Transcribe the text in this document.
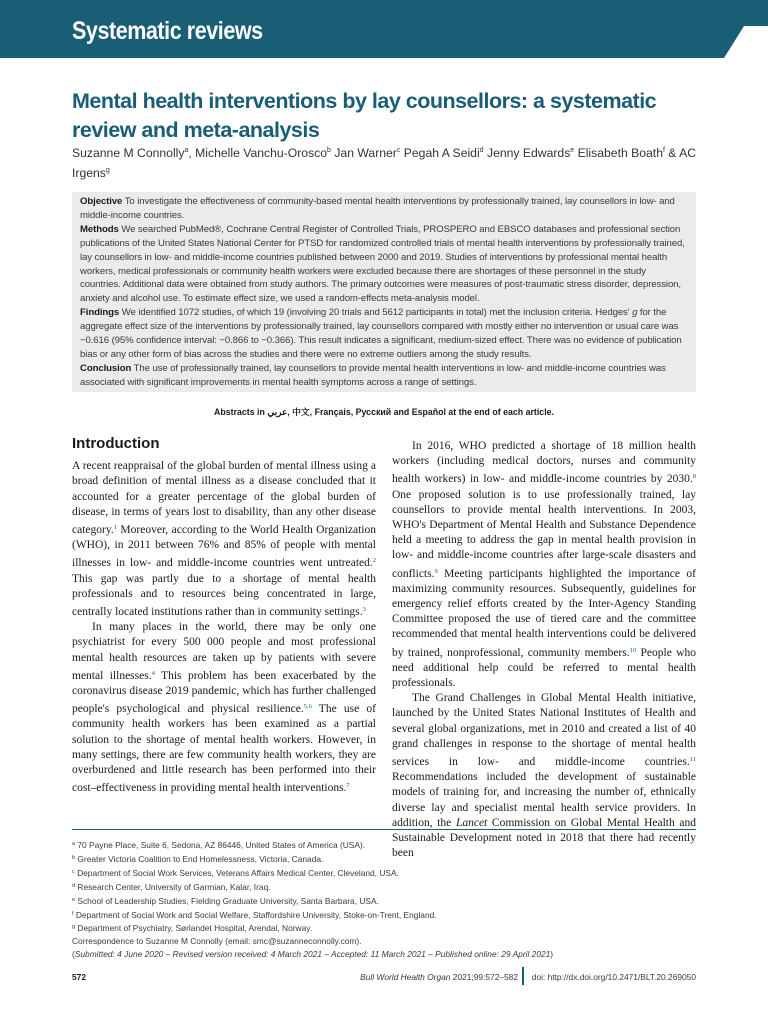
Systematic reviews
Mental health interventions by lay counsellors: a systematic review and meta-analysis
Suzanne M Connolly$^a$, Michelle Vanchu-Orosco$^b$ Jan Warner$^c$ Pegah A Seidi$^d$ Jenny Edwards$^e$ Elisabeth Boath$^f$ & AC Irgens$^g$

Objective To investigate the effectiveness of community-based mental health interventions by professionally trained, lay counsellors in low- and middle-income countries.

Methods We searched PubMed®, Cochrane Central Register of Controlled Trials, PROSPERO and EBSCO databases and professional section publications of the United States National Center for PTSD for randomized controlled trials of mental health interventions by professionally trained, lay counsellors in low- and middle-income countries published between 2000 and 2019. Studies of interventions by professional mental health workers, medical professionals or community health workers were excluded because there are shortages of these personnel in the study countries. Additional data were obtained from study authors. The primary outcomes were measures of post-traumatic stress disorder, depression, anxiety and alcohol use. To estimate effect size, we used a random-effects meta-analysis model.

Findings We identified 1072 studies, of which 19 (involving 20 trials and 5612 participants in total) met the inclusion criteria. Hedges' g for the aggregate effect size of the interventions by professionally trained, lay counsellors compared with mostly either no intervention or usual care was −0.616 (95% confidence interval: −0.866 to −0.366). This result indicates a significant, medium-sized effect. There was no evidence of publication bias or any other form of bias across the studies and there were no extreme outliers among the study results.

Conclusion The use of professionally trained, lay counsellors to provide mental health interventions in low- and middle-income countries was associated with significant improvements in mental health symptoms across a range of settings.

Abstracts in عربي, 中文, Français, Русский and Español at the end of each article.
Introduction

A recent reappraisal of the global burden of mental illness using a broad definition of mental illness as a disease concluded that it accounted for a greater percentage of the global burden of disease, in terms of years lost to disability, than any other disease category.$^1$ Moreover, according to the World Health Organization (WHO), in 2011 between 76% and 85% of people with mental illnesses in low- and middle-income countries went untreated.$^2$ This gap was partly due to a shortage of mental health professionals and to resources being concentrated in large, centrally located institutions rather than in community settings.$^3$

In many places in the world, there may be only one psychiatrist for every 500 000 people and most professional mental health resources are taken up by patients with severe mental illnesses.$^4$ This problem has been exacerbated by the coronavirus disease 2019 pandemic, which has further challenged people's psychological and physical resilience.$^{5,6}$ The use of community health workers has been examined as a partial solution to the shortage of mental health workers. However, in many settings, there are few community health workers, they are overburdened and little research has been performed into their cost–effectiveness in providing mental health interventions.$^7$

In 2016, WHO predicted a shortage of 18 million health workers (including medical doctors, nurses and community health workers) in low- and middle-income countries by 2030.$^8$ One proposed solution is to use professionally trained, lay counsellors to provide mental health interventions. In 2003, WHO's Department of Mental Health and Substance Dependence held a meeting to address the gap in mental health provision in low- and middle-income countries after large-scale disasters and conflicts.$^9$ Meeting participants highlighted the importance of maximizing community resources. Subsequently, guidelines for emergency relief efforts created by the Inter-Agency Standing Committee proposed the use of tiered care and the committee recommended that mental health interventions could be delivered by trained, nonprofessional, community members.$^{10}$ People who need additional help could be referred to mental health professionals.

The Grand Challenges in Global Mental Health initiative, launched by the United States National Institutes of Health and several global organizations, met in 2010 and created a list of 40 grand challenges in response to the shortage of mental health services in low- and middle-income countries.$^{11}$ Recommendations included the development of sustainable models of training for, and increasing the number of, ethnically diverse lay and specialist mental health service providers. In addition, the Lancet Commission on Global Mental Health and Sustainable Development noted in 2018 that there had recently been

$^a$ 70 Payne Place, Suite 6, Sedona, AZ 86446, United States of America (USA).
$^b$ Greater Victoria Coalition to End Homelessness, Victoria, Canada.
$^c$ Department of Social Work Services, Veterans Affairs Medical Center, Cleveland, USA.
$^d$ Research Center, University of Garmian, Kalar, Iraq.
$^e$ School of Leadership Studies, Fielding Graduate University, Santa Barbara, USA.
$^f$ Department of Social Work and Social Welfare, Staffordshire University, Stoke-on-Trent, England.
$^g$ Department of Psychiatry, Sørlandet Hospital, Arendal, Norway.
Correspondence to Suzanne M Connolly (email: smc@suzanneconnolly.com).
(Submitted: 4 June 2020 – Revised version received: 4 March 2021 – Accepted: 11 March 2021 – Published online: 29 April 2021)
572	Bull World Health Organ 2021;99:572–582 doi: http://dx.doi.org/10.2471/BLT.20.269050
